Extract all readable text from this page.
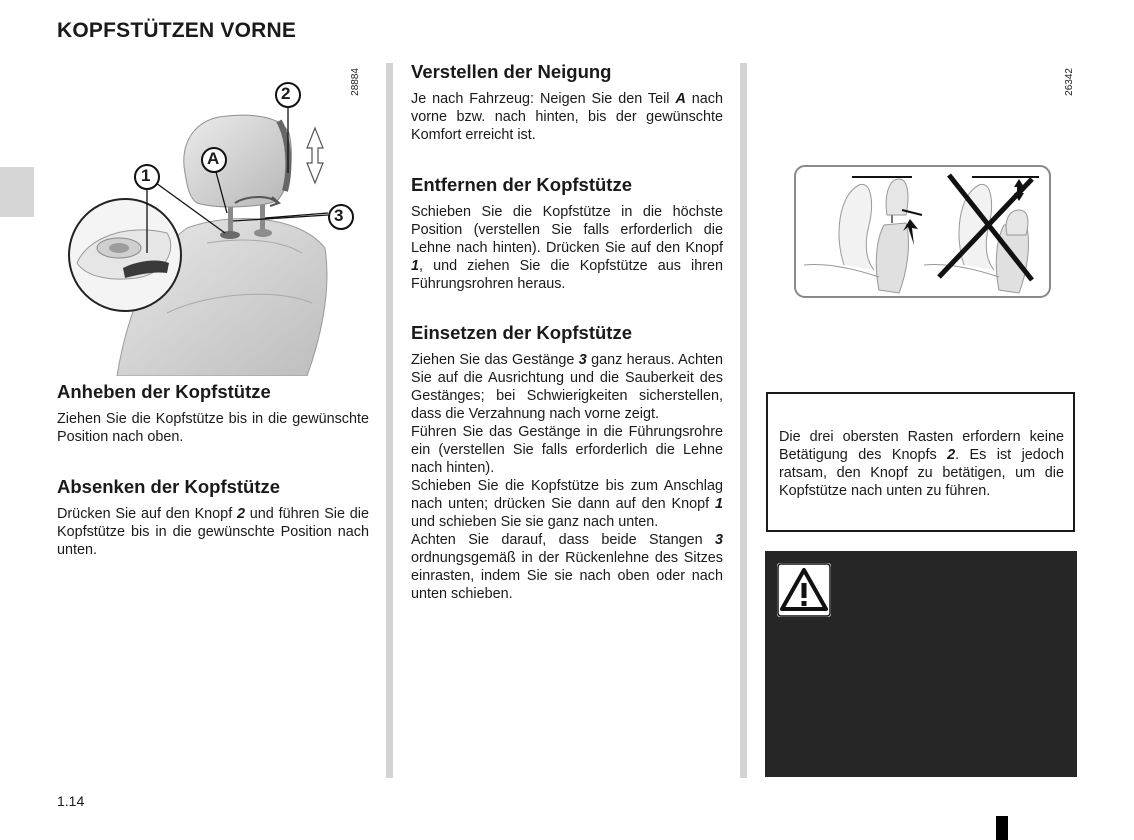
KOPFSTÜTZEN VORNE
2
1
3
A
28884
Anheben der Kopfstütze

Ziehen Sie die Kopfstütze bis in die gewünschte Position nach oben.

Absenken der Kopfstütze

Drücken Sie auf den Knopf 2 und führen Sie die Kopfstütze bis in die gewünschte Position nach unten.

Verstellen der Neigung

Je nach Fahrzeug: Neigen Sie den Teil A nach vorne bzw. nach hinten, bis der gewünschte Komfort erreicht ist.

Entfernen der Kopfstütze

Schieben Sie die Kopfstütze in die höchste Position (verstellen Sie falls erforderlich die Lehne nach hinten). Drücken Sie auf den Knopf 1, und ziehen Sie die Kopfstütze aus ihren Führungsrohren heraus.

Einsetzen der Kopfstütze

Ziehen Sie das Gestänge 3 ganz heraus. Achten Sie auf die Ausrichtung und die Sauberkeit des Gestänges; bei Schwierigkeiten sicherstellen, dass die Verzahnung nach vorne zeigt.

Führen Sie das Gestänge in die Führungsrohre ein (verstellen Sie falls erforderlich die Lehne nach hinten).

Schieben Sie die Kopfstütze bis zum Anschlag nach unten; drücken Sie dann auf den Knopf 1 und schieben Sie sie ganz nach unten.

Achten Sie darauf, dass beide Stangen 3 ordnungsgemäß in der Rückenlehne des Sitzes einrasten, indem Sie sie nach oben oder nach unten schieben.

26342

Die drei obersten Rasten erfordern keine Betätigung des Knopfs 2. Es ist jedoch ratsam, den Knopf zu betätigen, um die Kopfstütze nach unten zu führen.

1.14
